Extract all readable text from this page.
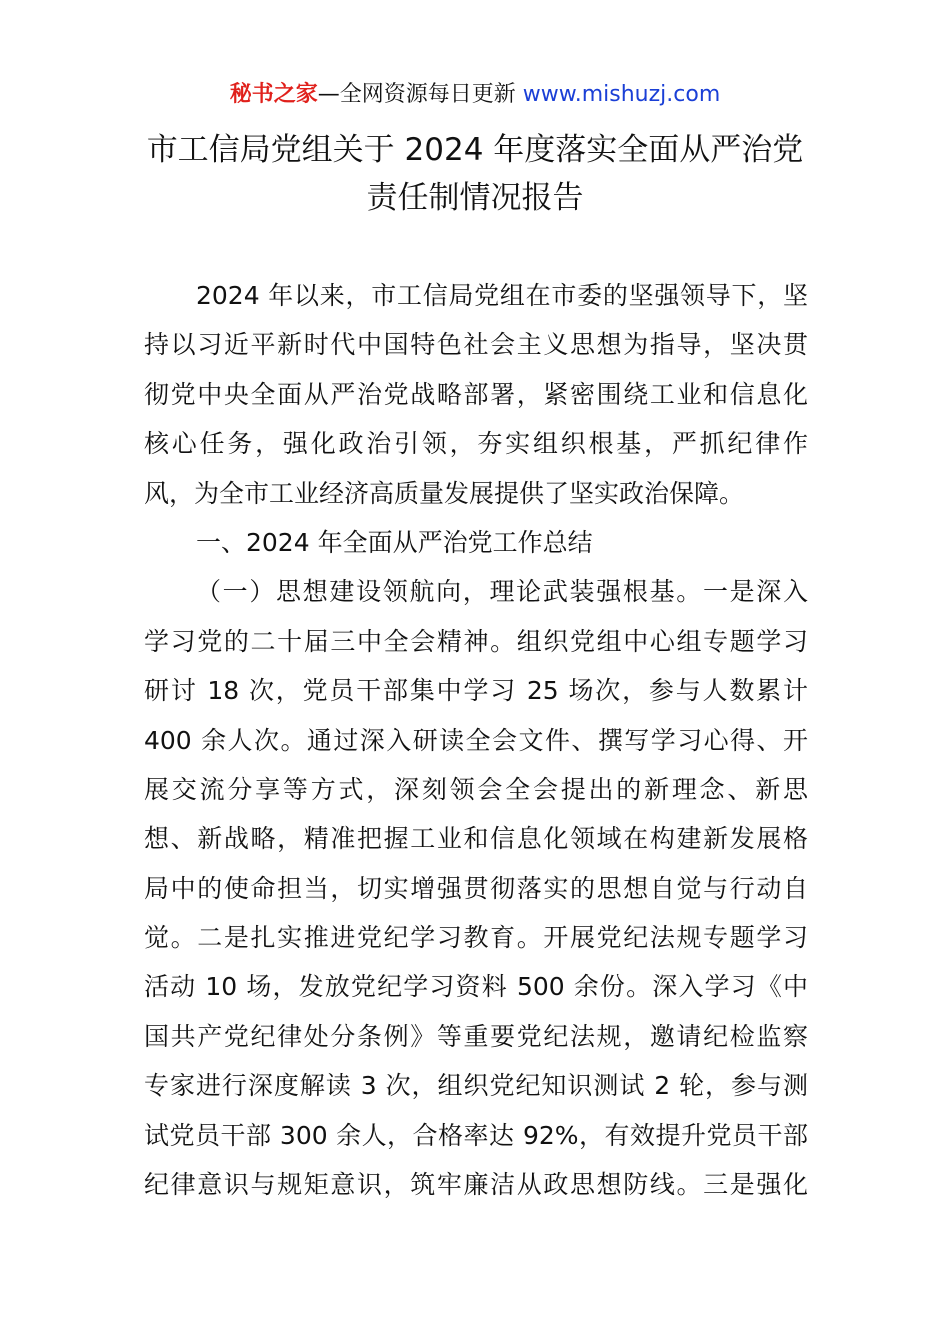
秘书之家—全网资源每日更新 www.mishuzj.com
市工信局党组关于 2024 年度落实全面从严治党
责任制情况报告
2024 年以来，市工信局党组在市委的坚强领导下，坚
持以习近平新时代中国特色社会主义思想为指导，坚决贯
彻党中央全面从严治党战略部署，紧密围绕工业和信息化
核心任务，强化政治引领，夯实组织根基，严抓纪律作
风，为全市工业经济高质量发展提供了坚实政治保障。
一、2024 年全面从严治党工作总结
（一）思想建设领航向，理论武装强根基。一是深入
学习党的二十届三中全会精神。组织党组中心组专题学习
研讨 18 次，党员干部集中学习 25 场次，参与人数累计
400 余人次。通过深入研读全会文件、撰写学习心得、开
展交流分享等方式，深刻领会全会提出的新理念、新思
想、新战略，精准把握工业和信息化领域在构建新发展格
局中的使命担当，切实增强贯彻落实的思想自觉与行动自
觉。二是扎实推进党纪学习教育。开展党纪法规专题学习
活动 10 场，发放党纪学习资料 500 余份。深入学习《中
国共产党纪律处分条例》等重要党纪法规，邀请纪检监察
专家进行深度解读 3 次，组织党纪知识测试 2 轮，参与测
试党员干部 300 余人，合格率达 92%，有效提升党员干部
纪律意识与规矩意识，筑牢廉洁从政思想防线。三是强化
